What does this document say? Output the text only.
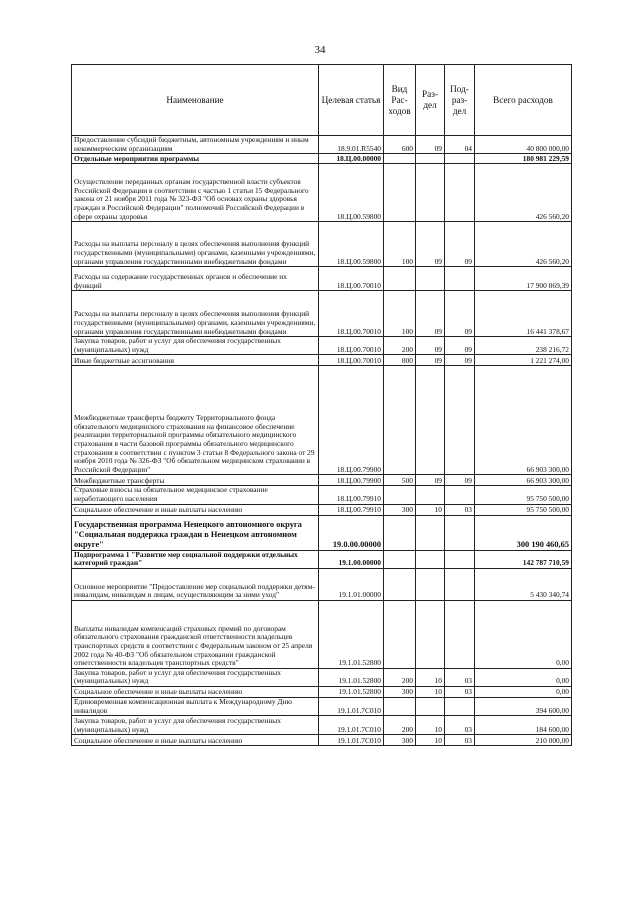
34
Наименование	Целевая статья	Вид Рас-ходов	Раз-дел	Под-раз-дел	Всего расходов
Предоставление субсидий бюджетным, автономным учреждениям и иным некоммерческим организациям	18.9.01.R5540	600	09	04	40 800 000,00
Отдельные мероприятия программы	18.Ц.00.00000				180 981 229,59
Осуществление переданных органам государственной власти субъектов Российской Федерации в соответствии с частью 1 статьи 15 Федерального закона от 21 ноября 2011 года № 323-ФЗ "Об основах охраны здоровья граждан в Российской Федерации" полномочий Российской Федерации в сфере охраны здоровья	18.Ц.00.59800				426 560,20
Расходы на выплаты персоналу в целях обеспечения выполнения функций государственными (муниципальными) органами, казенными учреждениями, органами управления государственными внебюджетными фондами	18.Ц.00.59800	100	09	09	426 560,20
Расходы на содержание государственных органов и обеспечение их функций	18.Ц.00.70010				17 900 869,39
Расходы на выплаты персоналу в целях обеспечения выполнения функций государственными (муниципальными) органами, казенными учреждениями, органами управления государственными внебюджетными фондами	18.Ц.00.70010	100	09	09	16 441 378,67
Закупка товаров, работ и услуг для обеспечения государственных (муниципальных) нужд	18.Ц.00.70010	200	09	09	238 216,72
Иные бюджетные ассигнования	18.Ц.00.70010	800	09	09	1 221 274,00
Межбюджетные трансферты бюджету Территориального фонда обязательного медицинского страхования на финансовое обеспечение реализации территориальной программы обязательного медицинского страхования в части базовой программы обязательного медицинского страхования в соответствии с пунктом 3 статьи 8 Федерального закона от 29 ноября 2010 года № 326-ФЗ "Об обязательном медицинском страховании в Российской Федерации"	18.Ц.00.79900				66 903 300,00
Межбюджетные трансферты	18.Ц.00.79900	500	09	09	66 903 300,00
Страховые взносы на обязательное медицинское страхование неработающего населения	18.Ц.00.79910				95 750 500,00
Социальное обеспечение и иные выплаты населению	18.Ц.00.79910	300	10	03	95 750 500,00
Государственная программа Ненецкого автономного округа "Социальная поддержка граждан в Ненецком автономном округе"	19.0.00.00000				300 190 460,65
Подпрограмма 1 "Развитие мер социальной поддержки отдельных категорий граждан"	19.1.00.00000				142 787 710,59
Основное мероприятие "Предоставление мер социальной поддержки детям-инвалидам, инвалидам и лицам, осуществляющим за ними уход"	19.1.01.00000				5 430 340,74
Выплаты инвалидам компенсаций страховых премий по договорам обязательного страхования гражданской ответственности владельцев транспортных средств в соответствии с Федеральным законом от 25 апреля 2002 года № 40-ФЗ "Об обязательном страховании гражданской ответственности владельцев транспортных средств"	19.1.01.52800				0,00
Закупка товаров, работ и услуг для обеспечения государственных (муниципальных) нужд	19.1.01.52800	200	10	03	0,00
Социальное обеспечение и иные выплаты населению	19.1.01.52800	300	10	03	0,00
Единовременная компенсационная выплата к Международному Дню инвалидов	19.1.01.7С010				394 600,00
Закупка товаров, работ и услуг для обеспечения государственных (муниципальных) нужд	19.1.01.7С010	200	10	03	184 600,00
Социальное обеспечение и иные выплаты населению	19.1.01.7С010	300	10	03	210 000,00
